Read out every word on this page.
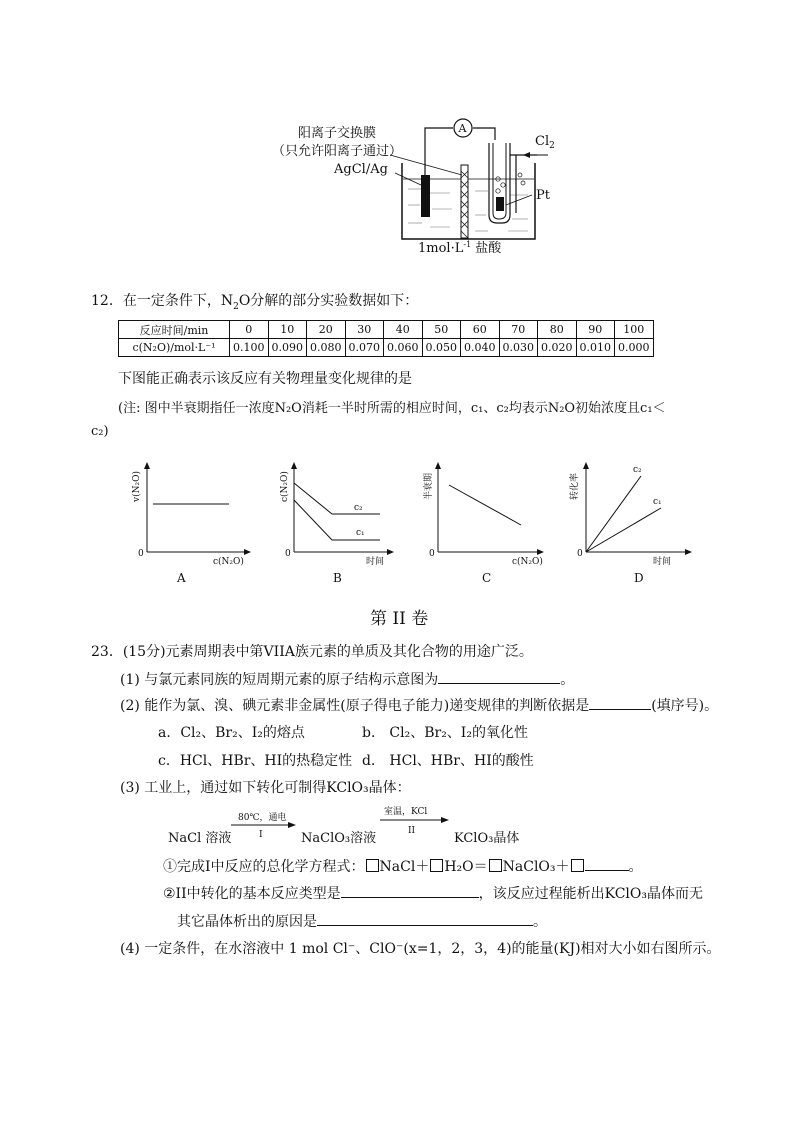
A
阳离子交换膜
（只允许阳离子通过）
AgCl/Ag
$Cl_2$
Pt
$1mol\cdot L^{-1}$ 盐酸
12．在一定条件下，$N_2O$分解的部分实验数据如下：
反应时间/min	0	10	20	30	40	50	60	70	80	90	100
c(N₂O)/mol·L⁻¹	0.100	0.090	0.080	0.070	0.060	0.050	0.040	0.030	0.020	0.010	0.000
下图能正确表示该反应有关物理量变化规律的是
(注: 图中半衰期指任一浓度N₂O消耗一半时所需的相应时间，c₁、c₂均表示N₂O初始浓度且c₁＜
c₂)
v(N₂O)
c(N₂O)
0
A
c(N₂O)
c₂
c₁
时间
0
B
半衰期
c(N₂O)
0
C
转化率
c₂
c₁
时间
0
D
第 II 卷
23．(15分)元素周期表中第VIIA族元素的单质及其化合物的用途广泛。
(1) 与氯元素同族的短周期元素的原子结构示意图为	。
(2) 能作为氯、溴、碘元素非金属性(原子得电子能力)递变规律的判断依据是	(填序号)。
a．Cl₂、Br₂、I₂的熔点	b． Cl₂、Br₂、I₂的氧化性
c．HCl、HBr、HI的热稳定性 d． HCl、HBr、HI的酸性
(3) 工业上，通过如下转化可制得KClO₃晶体：
NaCl 溶液
80℃，通电
I	NaClO₃溶液
室温，KCl
II	KClO₃晶体
①完成I中反应的总化学方程式： NaCl＋ H₂O＝ NaClO₃＋	。
②II中转化的基本反应类型是	，该反应过程能析出KClO₃晶体而无
其它晶体析出的原因是	。
(4) 一定条件，在水溶液中 1 mol Cl⁻、ClO⁻(x=1，2，3，4)的能量(KJ)相对大小如右图所示。
